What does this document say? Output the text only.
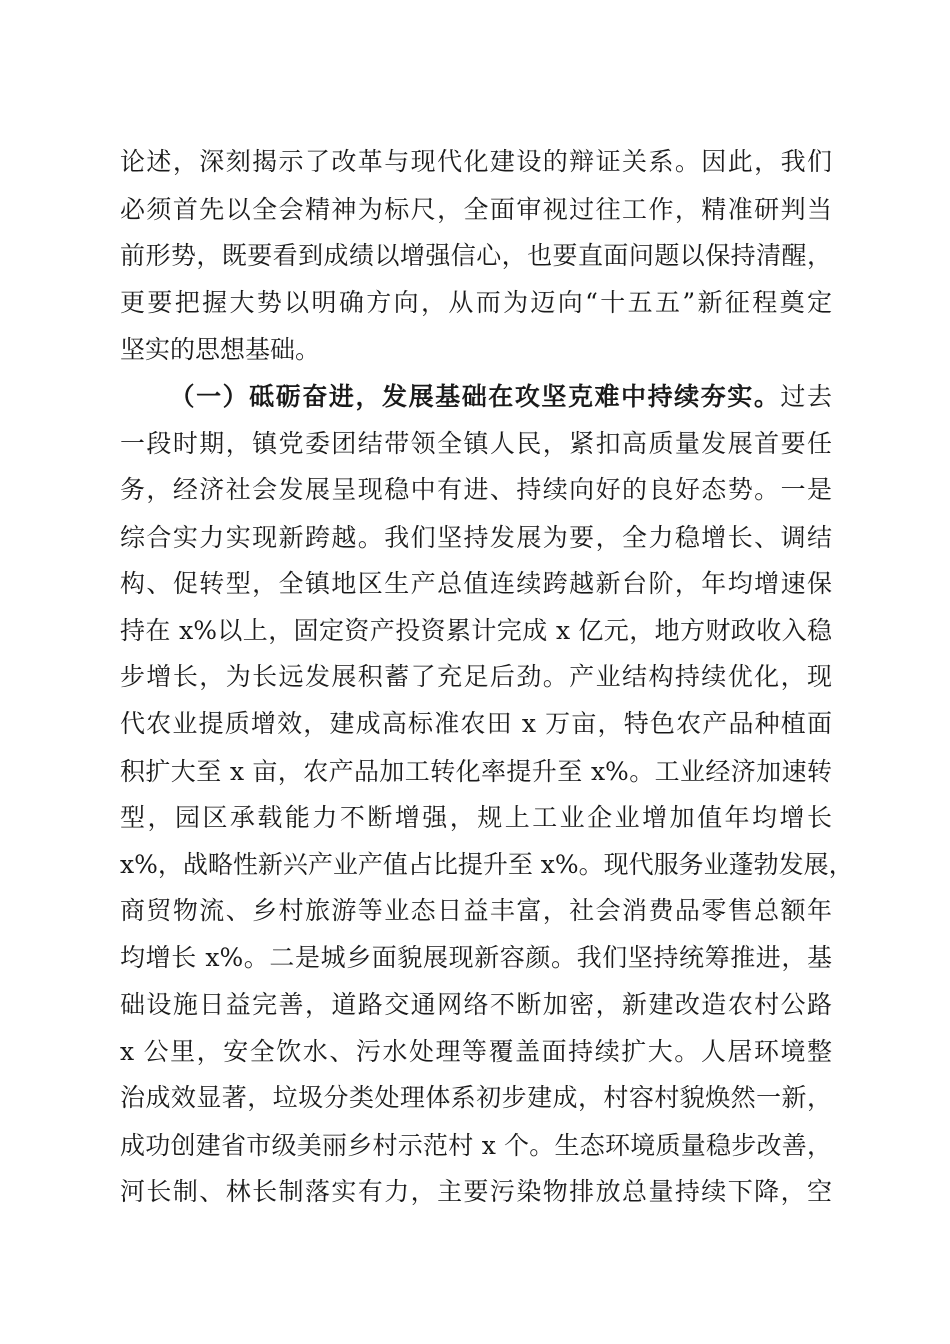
论述，深刻揭示了改革与现代化建设的辩证关系。因此，我们
必须首先以全会精神为标尺，全面审视过往工作，精准研判当
前形势，既要看到成绩以增强信心，也要直面问题以保持清醒，
更要把握大势以明确方向，从而为迈向“十五五”新征程奠定
坚实的思想基础。
（一）砥砺奋进，发展基础在攻坚克难中持续夯实。过去
一段时期，镇党委团结带领全镇人民，紧扣高质量发展首要任
务，经济社会发展呈现稳中有进、持续向好的良好态势。一是
综合实力实现新跨越。我们坚持发展为要，全力稳增长、调结
构、促转型，全镇地区生产总值连续跨越新台阶，年均增速保
持在 x%以上，固定资产投资累计完成 x 亿元，地方财政收入稳
步增长，为长远发展积蓄了充足后劲。产业结构持续优化，现
代农业提质增效，建成高标准农田 x 万亩，特色农产品种植面
积扩大至 x 亩，农产品加工转化率提升至 x%。工业经济加速转
型，园区承载能力不断增强，规上工业企业增加值年均增长
x%，战略性新兴产业产值占比提升至 x%。现代服务业蓬勃发展，
商贸物流、乡村旅游等业态日益丰富，社会消费品零售总额年
均增长 x%。二是城乡面貌展现新容颜。我们坚持统筹推进，基
础设施日益完善，道路交通网络不断加密，新建改造农村公路
x 公里，安全饮水、污水处理等覆盖面持续扩大。人居环境整
治成效显著，垃圾分类处理体系初步建成，村容村貌焕然一新，
成功创建省市级美丽乡村示范村 x 个。生态环境质量稳步改善，
河长制、林长制落实有力，主要污染物排放总量持续下降，空
